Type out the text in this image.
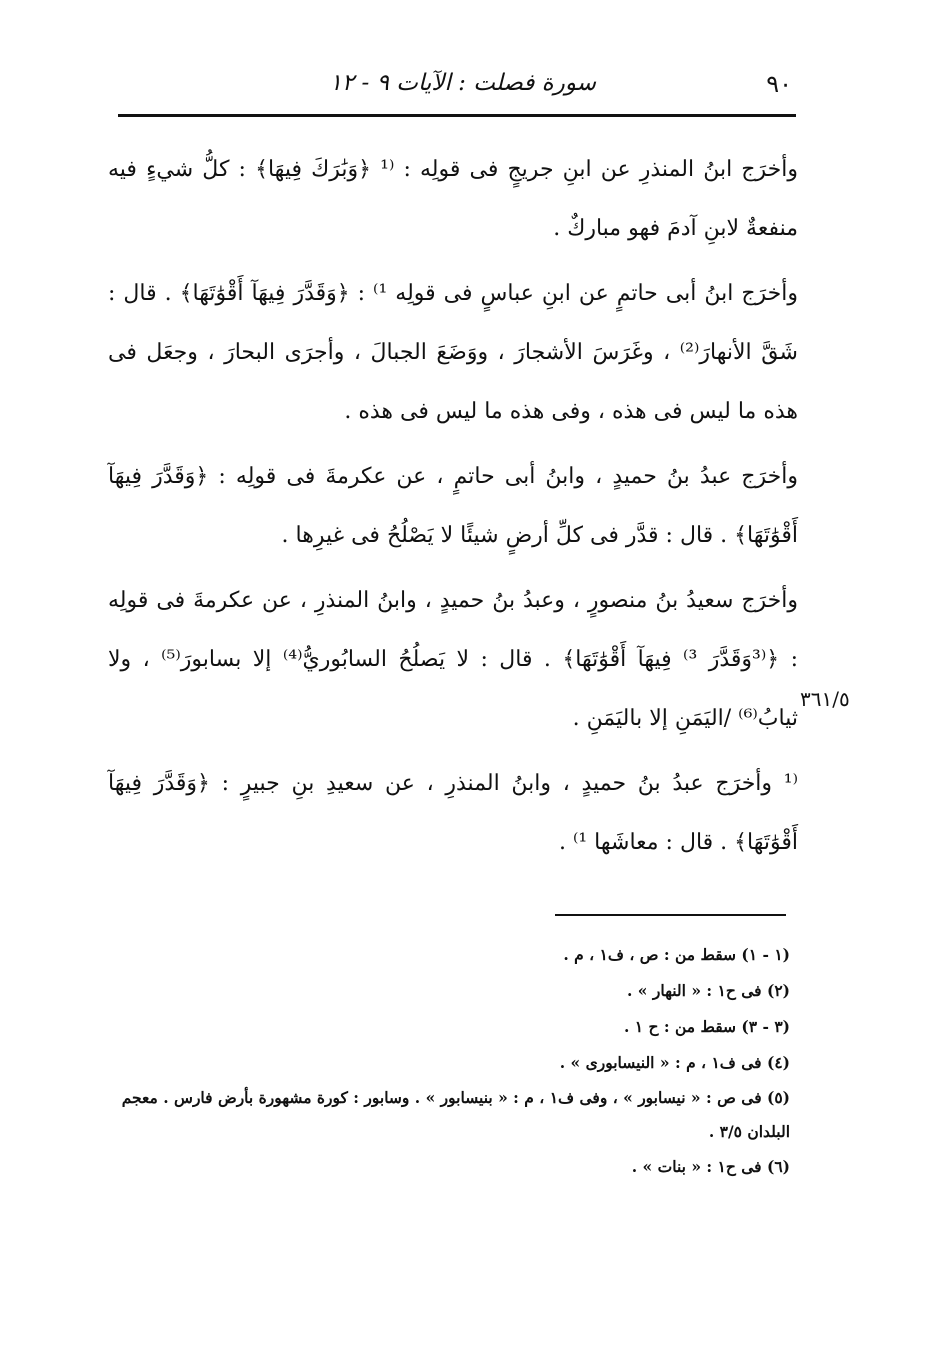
٩٠
سورة فصلت : الآيات ٩ - ١٢

وأخرَج ابنُ المنذرِ عن ابنِ جريجٍ فى قولِه : ⁽¹ ﴿وَبَٰرَكَ فِيهَا﴾ : كلُّ شيءٍ فيه منفعةٌ لابنِ آدمَ فهو مباركٌ .

وأخرَج ابنُ أبى حاتمٍ عن ابنِ عباسٍ فى قولِه ¹⁾ : ﴿وَقَدَّرَ فِيهَآ أَقْوَٰتَهَا﴾ . قال : شَقَّ الأنهارَ⁽²⁾ ، وغَرَسَ الأشجارَ ، ووَضَعَ الجبالَ ، وأجرَى البحارَ ، وجعَل فى هذه ما ليس فى هذه ، وفى هذه ما ليس فى هذه .

وأخرَج عبدُ بنُ حميدٍ ، وابنُ أبى حاتمٍ ، عن عكرمةَ فى قولِه : ﴿وَقَدَّرَ فِيهَآ أَقْوَٰتَهَا﴾ . قال : قدَّر فى كلِّ أرضٍ شيئًا لا يَصْلُحُ فى غيرِها .

وأخرَج سعيدُ بنُ منصورٍ ، وعبدُ بنُ حميدٍ ، وابنُ المنذرِ ، عن عكرمةَ فى قولِه : ﴿⁽³وَقَدَّرَ ³⁾ فِيهَآ أَقْوَٰتَهَا﴾ . قال : لا يَصلُحُ السابُوريُّ⁽⁴⁾ إلا بسابورَ⁽⁵⁾ ، ولا ثيابُ⁽⁶⁾ /اليَمَنِ إلا باليَمَنِ .

⁽¹ وأخرَج عبدُ بنُ حميدٍ ، وابنُ المنذرِ ، عن سعيدِ بنِ جبيرٍ : ﴿وَقَدَّرَ فِيهَآ أَقْوَٰتَهَا﴾ . قال : معاشَها ¹⁾ .

٣٦١/٥

(١ - ١) سقط من : ص ، ف١ ، م .

(٢) فى ح١ : « النهار » .

(٣ - ٣) سقط من : ح ١ .

(٤) فى ف١ ، م : « النيسابورى » .

(٥) فى ص : « نيسابور » ، وفى ف١ ، م : « بنيسابور » . وسابور : كورة مشهورة بأرض فارس . معجم البلدان ٣/٥ .

(٦) فى ح١ : « بنات » .
